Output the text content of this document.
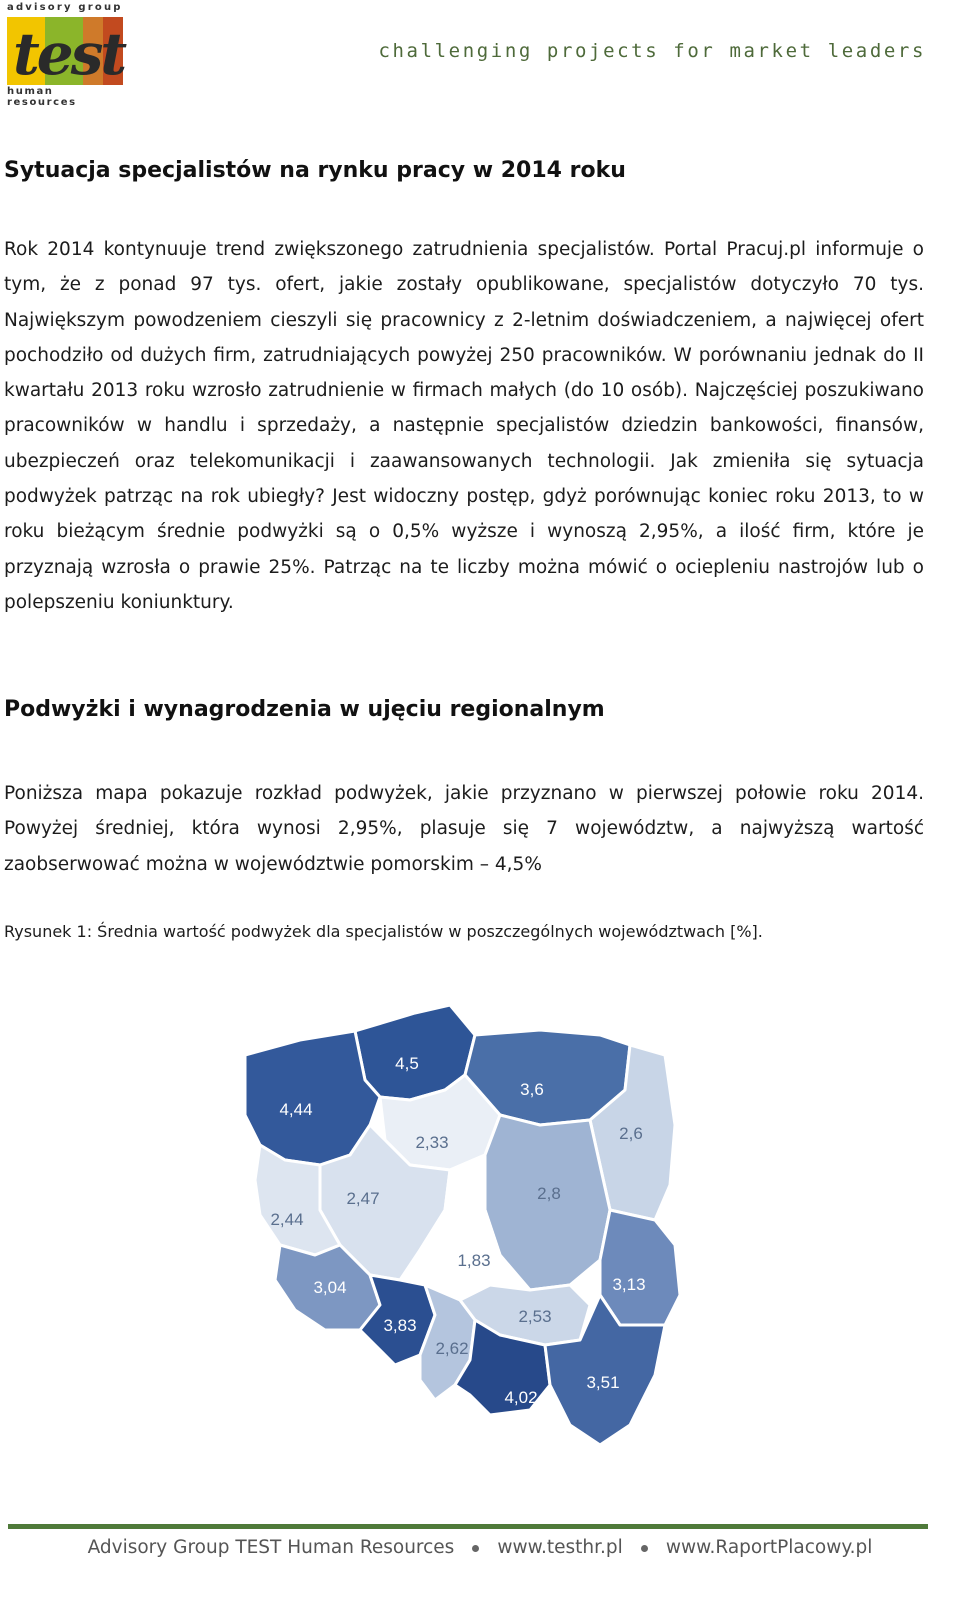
advisory group
test
human resources
challenging projects for market leaders
Sytuacja specjalistów na rynku pracy w 2014 roku

Rok 2014 kontynuuje trend zwiększonego zatrudnienia specjalistów. Portal Pracuj.pl informuje o tym, że z ponad 97 tys. ofert, jakie zostały opublikowane, specjalistów dotyczyło 70 tys. Największym powodzeniem cieszyli się pracownicy z 2-letnim doświadczeniem, a najwięcej ofert pochodziło od dużych firm, zatrudniających powyżej 250 pracowników. W porównaniu jednak do II kwartału 2013 roku wzrosło zatrudnienie w firmach małych (do 10 osób). Najczęściej poszukiwano pracowników w handlu i sprzedaży, a następnie specjalistów dziedzin bankowości, finansów, ubezpieczeń oraz telekomunikacji i zaawansowanych technologii. Jak zmieniła się sytuacja podwyżek patrząc na rok ubiegły? Jest widoczny postęp, gdyż porównując koniec roku 2013, to w roku bieżącym średnie podwyżki są o 0,5% wyższe i wynoszą 2,95%, a ilość firm, które je przyznają wzrosła o prawie 25%. Patrząc na te liczby można mówić o ociepleniu nastrojów lub o polepszeniu koniunktury.

Podwyżki i wynagrodzenia w ujęciu regionalnym

Poniższa mapa pokazuje rozkład podwyżek, jakie przyznano w pierwszej połowie roku 2014. Powyżej średniej, która wynosi 2,95%, plasuje się 7 województw, a najwyższą wartość zaobserwować można w województwie pomorskim – 4,5%

Rysunek 1: Średnia wartość podwyżek dla specjalistów w poszczególnych województwach [%].

4,5
4,44
3,6
2,6
2,33
2,47
2,44
2,8
1,83
3,04	3,13
3,83
2,62
2,53
4,02
3,51
Advisory Group TEST Human Resources www.testhr.pl www.RaportPlacowy.pl
